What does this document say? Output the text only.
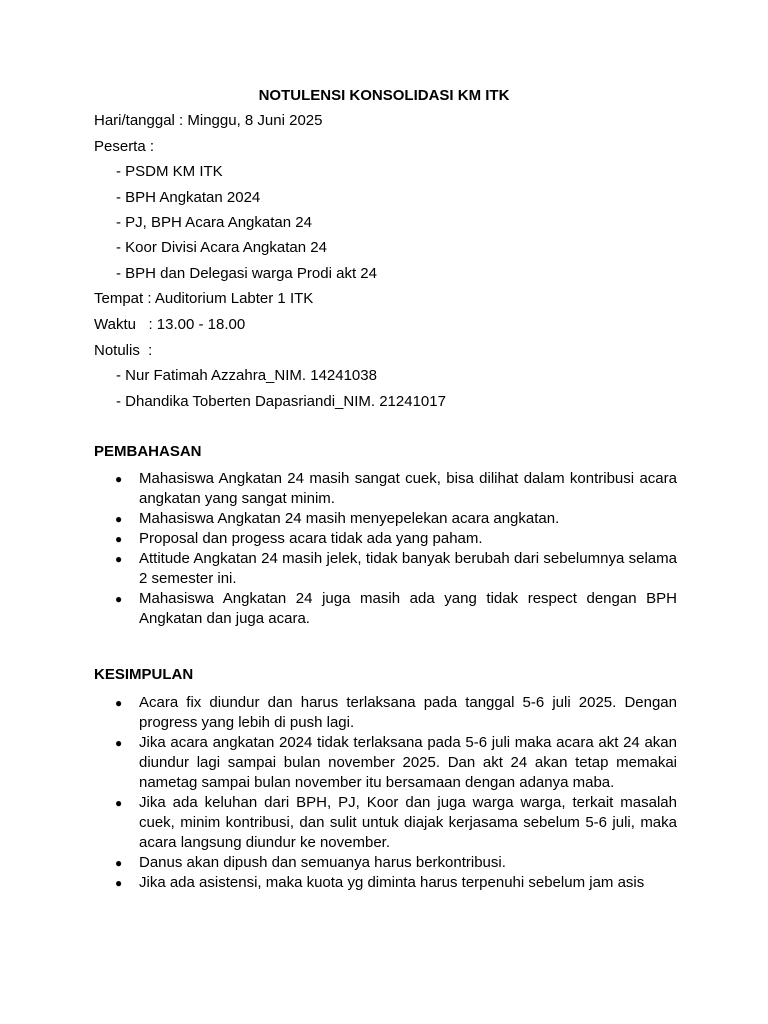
NOTULENSI KONSOLIDASI KM ITK
Hari/tanggal : Minggu, 8 Juni 2025
Peserta :
- PSDM KM ITK
- BPH Angkatan 2024
- PJ, BPH Acara Angkatan 24
- Koor Divisi Acara Angkatan 24
- BPH dan Delegasi warga Prodi akt 24
Tempat : Auditorium Labter 1 ITK
Waktu   : 13.00 - 18.00
Notulis  :
- Nur Fatimah Azzahra_NIM. 14241038
- Dhandika Toberten Dapasriandi_NIM. 21241017
PEMBAHASAN
● Mahasiswa Angkatan 24 masih sangat cuek, bisa dilihat dalam kontribusi acara angkatan yang sangat minim.
● Mahasiswa Angkatan 24 masih menyepelekan acara angkatan.
● Proposal dan progess acara tidak ada yang paham.
● Attitude Angkatan 24 masih jelek, tidak banyak berubah dari sebelumnya selama 2 semester ini.
● Mahasiswa Angkatan 24 juga masih ada yang tidak respect dengan BPH Angkatan dan juga acara.
KESIMPULAN
● Acara fix diundur dan harus terlaksana pada tanggal 5-6 juli 2025. Dengan progress yang lebih di push lagi.
● Jika acara angkatan 2024 tidak terlaksana pada 5-6 juli maka acara akt 24 akan diundur lagi sampai bulan november 2025. Dan akt 24 akan tetap memakai nametag sampai bulan november itu bersamaan dengan adanya maba.
● Jika ada keluhan dari BPH, PJ, Koor dan juga warga warga, terkait masalah cuek, minim kontribusi, dan sulit untuk diajak kerjasama sebelum 5-6 juli, maka acara langsung diundur ke november.
● Danus akan dipush dan semuanya harus berkontribusi.
● Jika ada asistensi, maka kuota yg diminta harus terpenuhi sebelum jam asis
